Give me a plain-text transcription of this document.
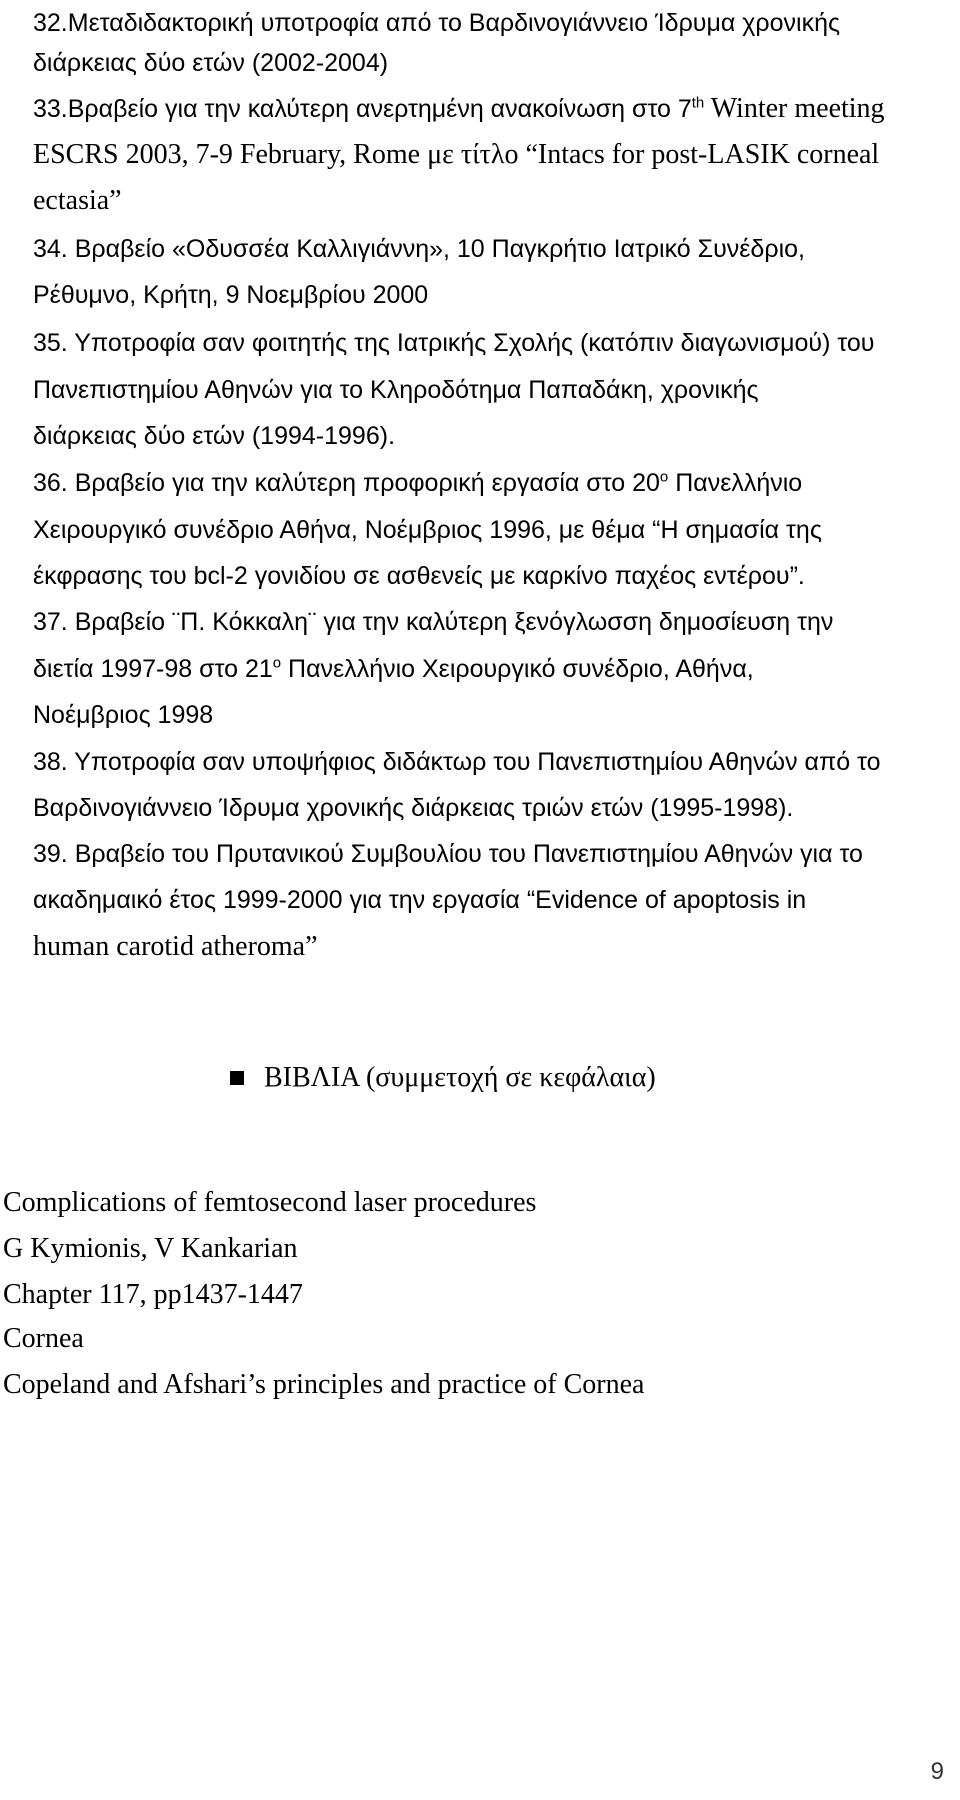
32.Μεταδιδακτορική υποτροφία από το Βαρδινογιάννειο Ίδρυμα χρονικής
διάρκειας δύο ετών (2002-2004)
33.Βραβείο για την καλύτερη ανερτημένη ανακοίνωση στο 7th Winter meeting
ESCRS 2003, 7-9 February, Rome με τίτλο “Intacs for post-LASIK corneal
ectasia”
34. Βραβείο «Οδυσσέα Καλλιγιάννη», 10 Παγκρήτιο Ιατρικό Συνέδριο,
Ρέθυμνο, Κρήτη, 9 Νοεμβρίου 2000
35. Υποτροφία σαν φοιτητής της Ιατρικής Σχολής (κατόπιν διαγωνισμού) του
Πανεπιστημίου Αθηνών για το Κληροδότημα Παπαδάκη, χρονικής
διάρκειας δύο ετών (1994-1996).
36. Βραβείο για την καλύτερη προφορική εργασία στο $20^o$ Πανελλήνιο
Χειρουργικό συνέδριο Αθήνα, Νοέμβριος 1996, με θέμα “Η σημασία της
έκφρασης του bcl-2 γονιδίου σε ασθενείς με καρκίνο παχέος εντέρου”.
37. Βραβείο ¨Π. Κόκκαλη¨ για την καλύτερη ξενόγλωσση δημοσίευση την
διετία 1997-98 στο $21^o$ Πανελλήνιο Χειρουργικό συνέδριο, Αθήνα,
Νοέμβριος 1998
38. Υποτροφία σαν υποψήφιος διδάκτωρ του Πανεπιστημίου Αθηνών από το
Βαρδινογιάννειο Ίδρυμα χρονικής διάρκειας τριών ετών (1995-1998).
39. Βραβείο του Πρυτανικού Συμβουλίου του Πανεπιστημίου Αθηνών για το
ακαδημαικό έτος 1999-2000 για την εργασία “Evidence of apoptosis in
human carotid atheroma”
ΒΙΒΛΙΑ (συμμετοχή σε κεφάλαια)
Complications of femtosecond laser procedures
G Kymionis, V Kankarian
Chapter 117, pp1437-1447
Cornea
Copeland and Afshari’s principles and practice of Cornea
9
